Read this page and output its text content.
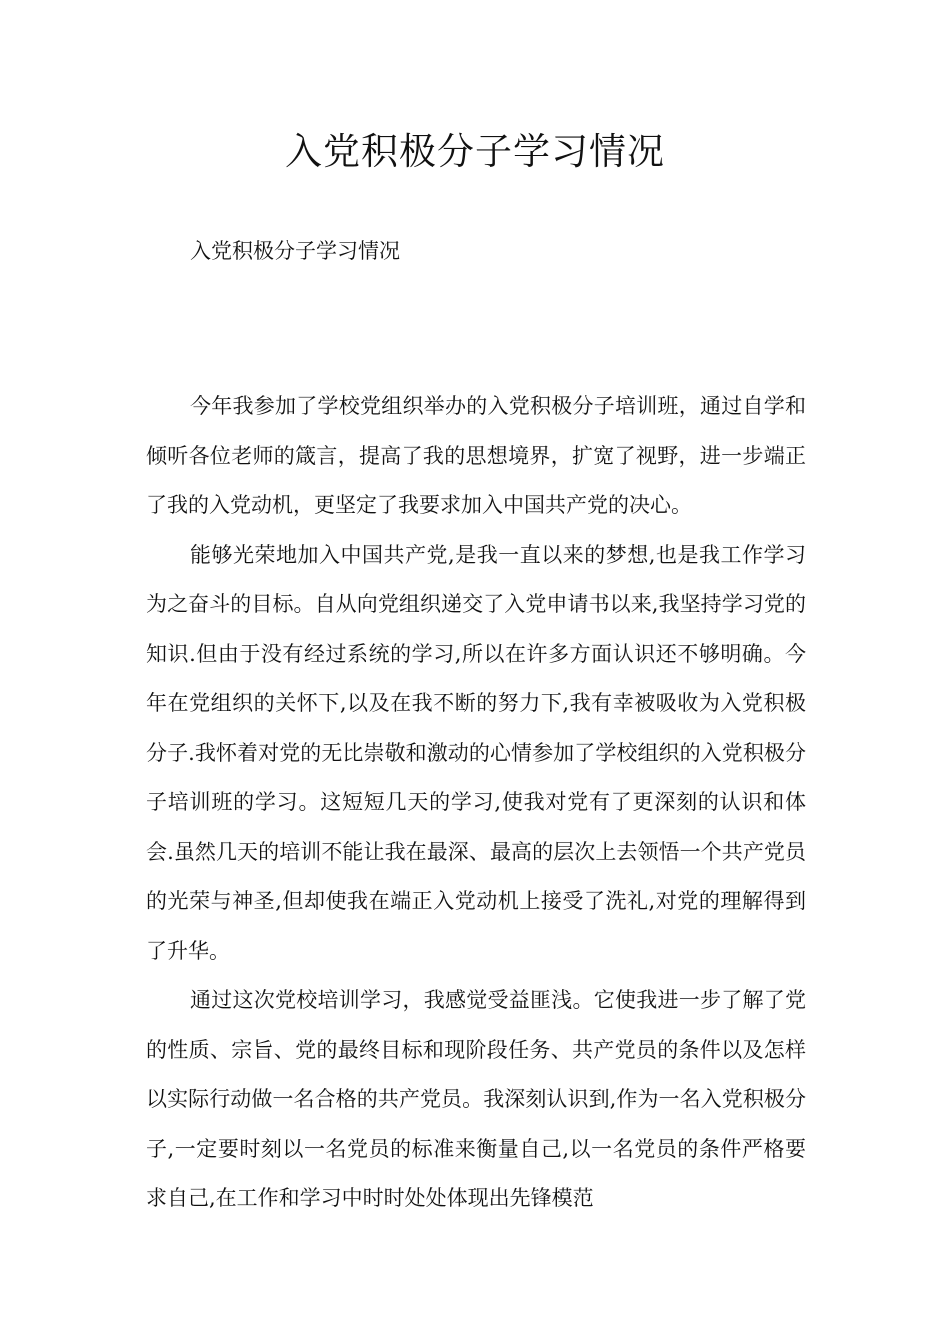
入党积极分子学习情况
入党积极分子学习情况

今年我参加了学校党组织举办的入党积极分子培训班，通过自学和倾听各位老师的箴言，提高了我的思想境界，扩宽了视野，进一步端正了我的入党动机，更坚定了我要求加入中国共产党的决心。

能够光荣地加入中国共产党,是我一直以来的梦想,也是我工作学习为之奋斗的目标。自从向党组织递交了入党申请书以来,我坚持学习党的知识.但由于没有经过系统的学习,所以在许多方面认识还不够明确。今年在党组织的关怀下,以及在我不断的努力下,我有幸被吸收为入党积极分子.我怀着对党的无比崇敬和激动的心情参加了学校组织的入党积极分子培训班的学习。这短短几天的学习,使我对党有了更深刻的认识和体会.虽然几天的培训不能让我在最深、最高的层次上去领悟一个共产党员的光荣与神圣,但却使我在端正入党动机上接受了洗礼,对党的理解得到了升华。

通过这次党校培训学习，我感觉受益匪浅。它使我进一步了解了党的性质、宗旨、党的最终目标和现阶段任务、共产党员的条件以及怎样以实际行动做一名合格的共产党员。我深刻认识到,作为一名入党积极分子,一定要时刻以一名党员的标准来衡量自己,以一名党员的条件严格要求自己,在工作和学习中时时处处体现出先锋模范
